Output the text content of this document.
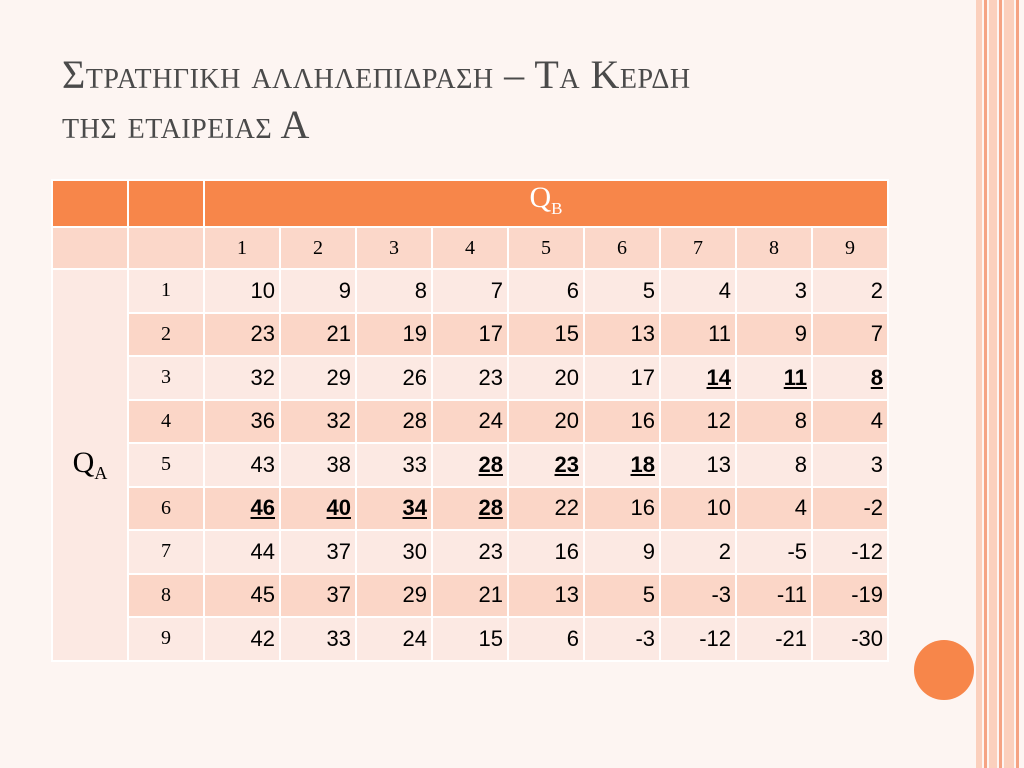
Στρατηγικη αλληλεπιδραση – Τα Κερδη
της εταιρειας Α
		$Q_B$
		1	2	3	4	5	6	7	8	9
$Q_A$	1	10	9	8	7	6	5	4	3	2
	2	23	21	19	17	15	13	11	9	7
	3	32	29	26	23	20	17	14	11	8
	4	36	32	28	24	20	16	12	8	4
	5	43	38	33	28	23	18	13	8	3
	6	46	40	34	28	22	16	10	4	-2
	7	44	37	30	23	16	9	2	-5	-12
	8	45	37	29	21	13	5	-3	-11	-19
	9	42	33	24	15	6	-3	-12	-21	-30
